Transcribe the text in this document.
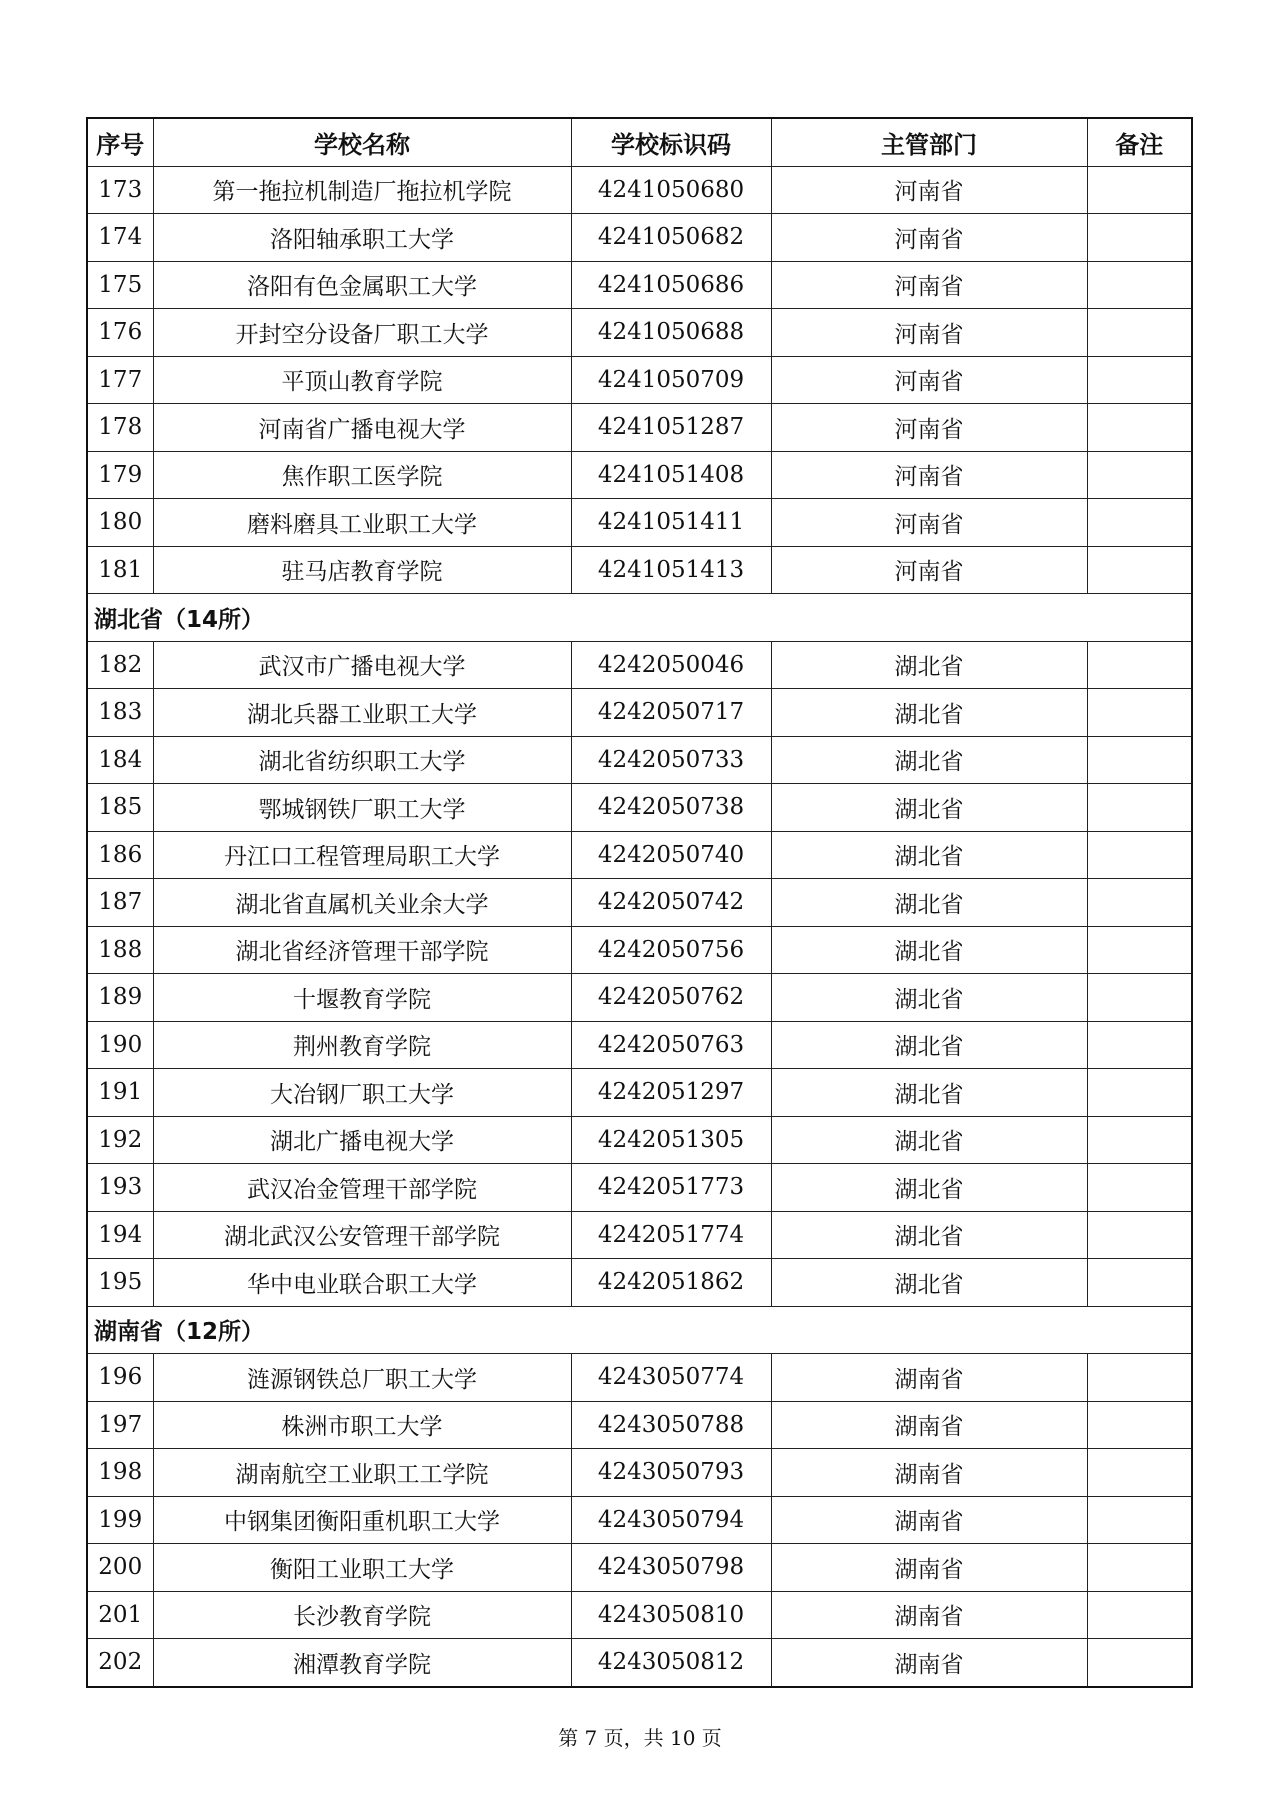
序号	学校名称	学校标识码	主管部门	备注
173	第一拖拉机制造厂拖拉机学院	4241050680	河南省	
174	洛阳轴承职工大学	4241050682	河南省	
175	洛阳有色金属职工大学	4241050686	河南省	
176	开封空分设备厂职工大学	4241050688	河南省	
177	平顶山教育学院	4241050709	河南省	
178	河南省广播电视大学	4241051287	河南省	
179	焦作职工医学院	4241051408	河南省	
180	磨料磨具工业职工大学	4241051411	河南省	
181	驻马店教育学院	4241051413	河南省	
湖北省（14所）				
182	武汉市广播电视大学	4242050046	湖北省	
183	湖北兵器工业职工大学	4242050717	湖北省	
184	湖北省纺织职工大学	4242050733	湖北省	
185	鄂城钢铁厂职工大学	4242050738	湖北省	
186	丹江口工程管理局职工大学	4242050740	湖北省	
187	湖北省直属机关业余大学	4242050742	湖北省	
188	湖北省经济管理干部学院	4242050756	湖北省	
189	十堰教育学院	4242050762	湖北省	
190	荆州教育学院	4242050763	湖北省	
191	大冶钢厂职工大学	4242051297	湖北省	
192	湖北广播电视大学	4242051305	湖北省	
193	武汉冶金管理干部学院	4242051773	湖北省	
194	湖北武汉公安管理干部学院	4242051774	湖北省	
195	华中电业联合职工大学	4242051862	湖北省	
湖南省（12所）				
196	涟源钢铁总厂职工大学	4243050774	湖南省	
197	株洲市职工大学	4243050788	湖南省	
198	湖南航空工业职工工学院	4243050793	湖南省	
199	中钢集团衡阳重机职工大学	4243050794	湖南省	
200	衡阳工业职工大学	4243050798	湖南省	
201	长沙教育学院	4243050810	湖南省	
202	湘潭教育学院	4243050812	湖南省	
第 7 页，共 10 页
